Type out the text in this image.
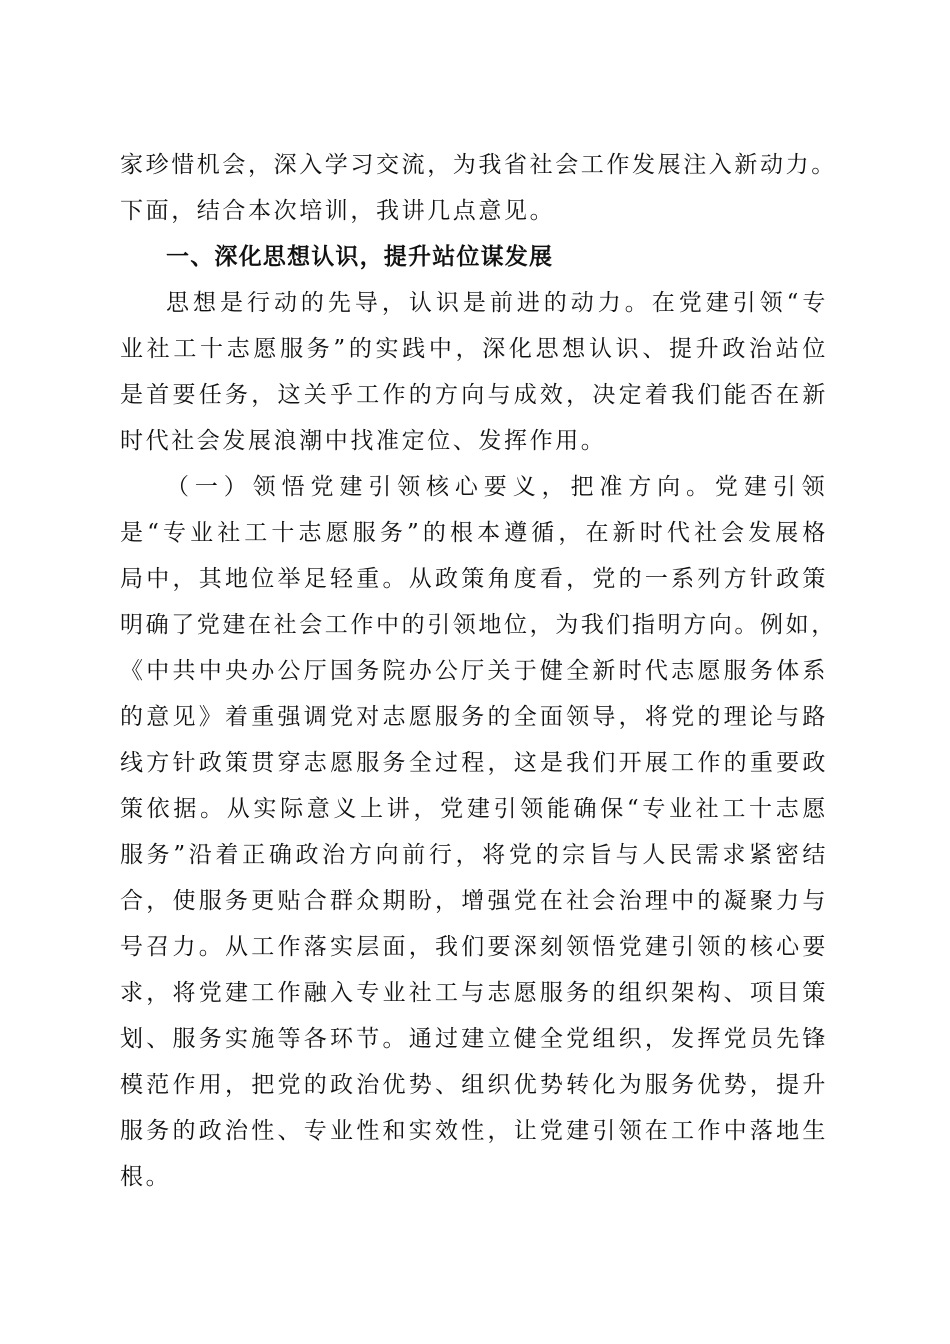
家珍惜机会，深入学习交流，为我省社会工作发展注入新动力。
下面，结合本次培训，我讲几点意见。
一、深化思想认识，提升站位谋发展
思想是行动的先导，认识是前进的动力。在党建引领“专
业社工十志愿服务”的实践中，深化思想认识、提升政治站位
是首要任务，这关乎工作的方向与成效，决定着我们能否在新
时代社会发展浪潮中找准定位、发挥作用。
（一）领悟党建引领核心要义，把准方向。党建引领
是“专业社工十志愿服务”的根本遵循，在新时代社会发展格
局中，其地位举足轻重。从政策角度看，党的一系列方针政策
明确了党建在社会工作中的引领地位，为我们指明方向。例如，
《中共中央办公厅国务院办公厅关于健全新时代志愿服务体系
的意见》着重强调党对志愿服务的全面领导，将党的理论与路
线方针政策贯穿志愿服务全过程，这是我们开展工作的重要政
策依据。从实际意义上讲，党建引领能确保“专业社工十志愿
服务”沿着正确政治方向前行，将党的宗旨与人民需求紧密结
合，使服务更贴合群众期盼，增强党在社会治理中的凝聚力与
号召力。从工作落实层面，我们要深刻领悟党建引领的核心要
求，将党建工作融入专业社工与志愿服务的组织架构、项目策
划、服务实施等各环节。通过建立健全党组织，发挥党员先锋
模范作用，把党的政治优势、组织优势转化为服务优势，提升
服务的政治性、专业性和实效性，让党建引领在工作中落地生
根。
